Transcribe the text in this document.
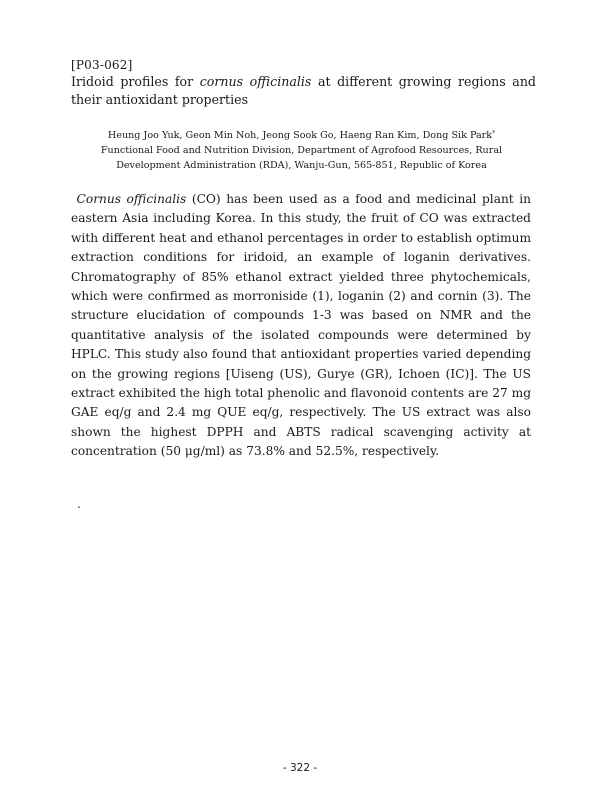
[P03-062]
Iridoid profiles for cornus officinalis at different growing regions and their antioxidant properties
Heung Joo Yuk, Geon Min Noh, Jeong Sook Go, Haeng Ran Kim, Dong Sik Park*
Functional Food and Nutrition Division, Department of Agrofood Resources, Rural Development Administration (RDA), Wanju-Gun, 565-851, Republic of Korea
Cornus officinalis (CO) has been used as a food and medicinal plant in eastern Asia including Korea. In this study, the fruit of CO was extracted with different heat and ethanol percentages in order to establish optimum extraction conditions for iridoid, an example of loganin derivatives. Chromatography of 85% ethanol extract yielded three phytochemicals, which were confirmed as morroniside (1), loganin (2) and cornin (3). The structure elucidation of compounds 1-3 was based on NMR and the quantitative analysis of the isolated compounds were determined by HPLC. This study also found that antioxidant properties varied depending on the growing regions [Uiseng (US), Gurye (GR), Ichoen (IC)]. The US extract exhibited the high total phenolic and flavonoid contents are 27 mg GAE eq/g and 2.4 mg QUE eq/g, respectively. The US extract was also shown the highest DPPH and ABTS radical scavenging activity at concentration (50 μg/ml) as 73.8% and 52.5%, respectively.
.
- 322 -
